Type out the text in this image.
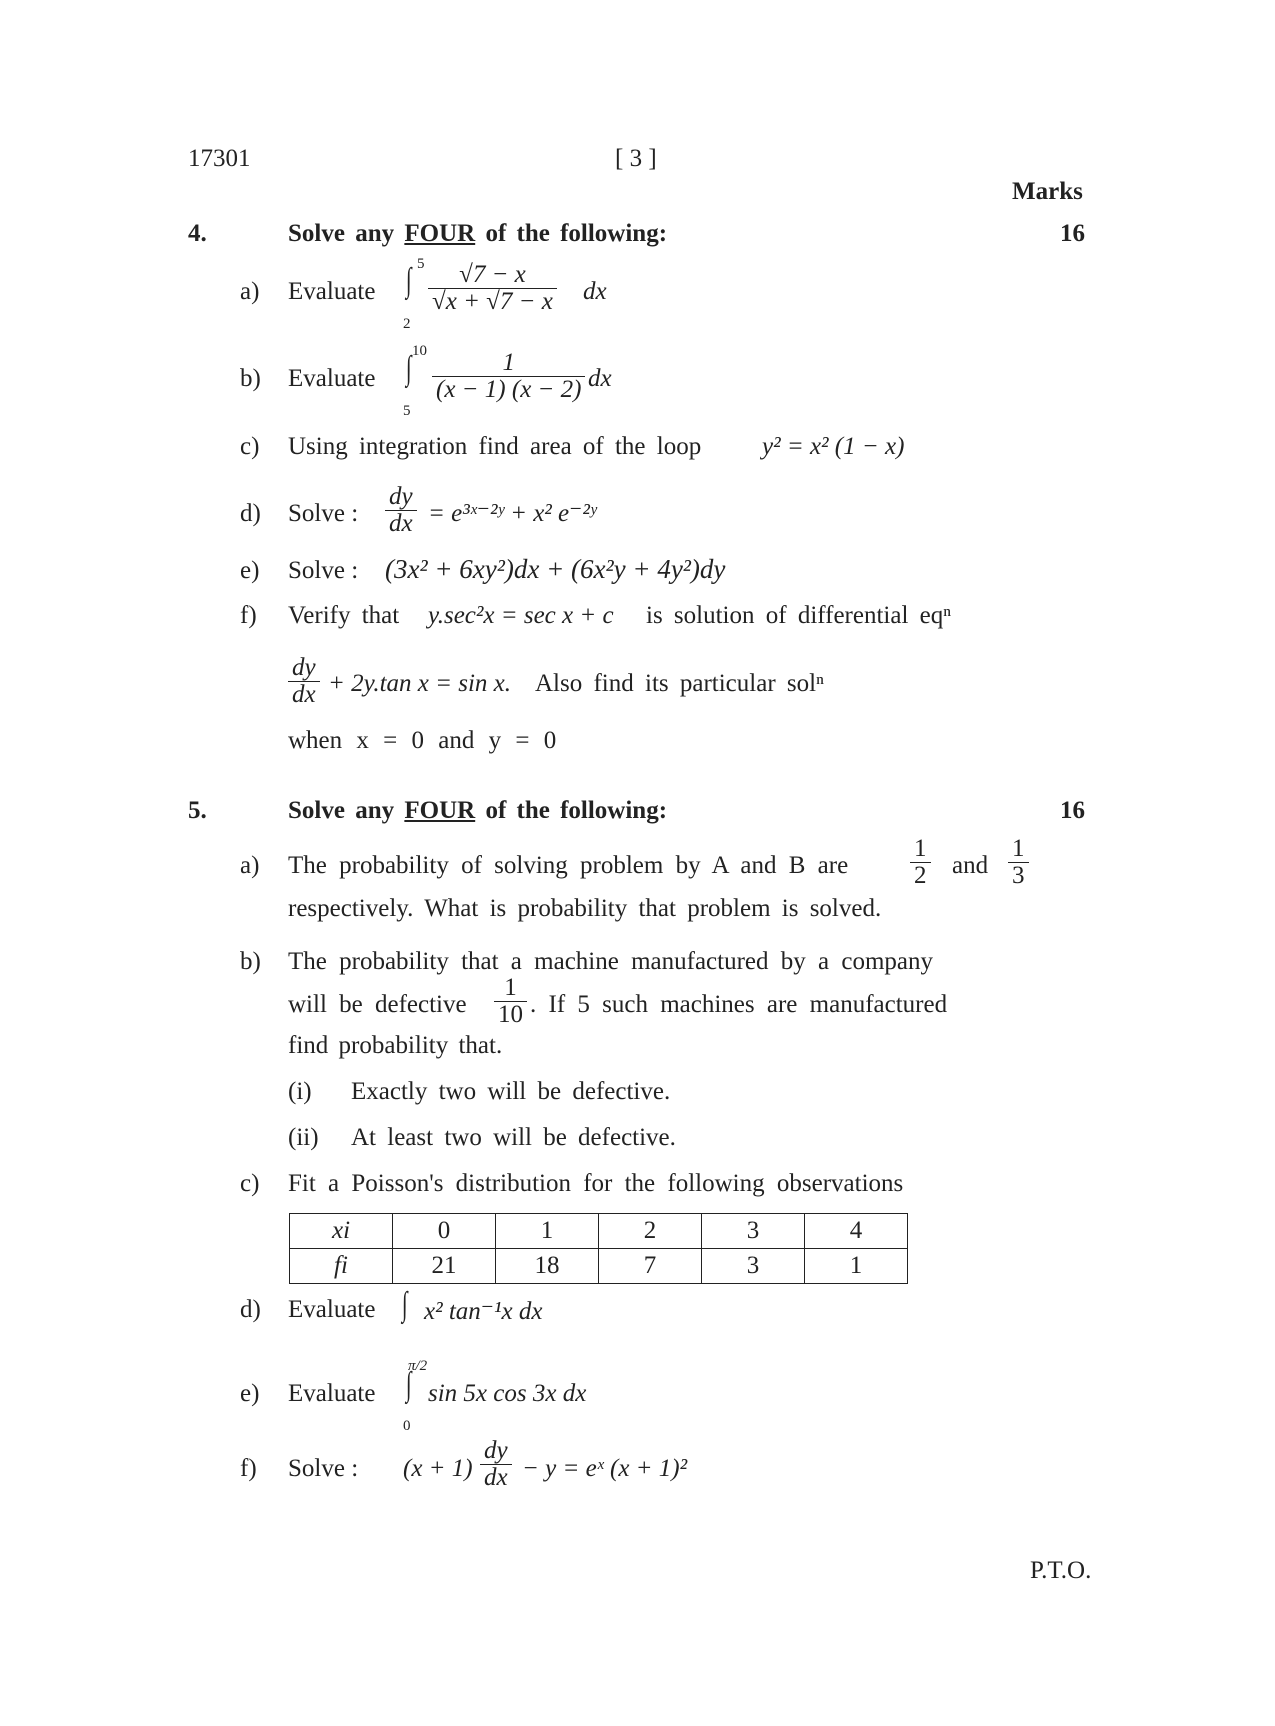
17301	[ 3 ]
Marks
4.	Solve any FOUR of the following:	16
a) Evaluate ∫ 5
2
$\frac{√7 - x}{√x + √7 - x}$ dx
b) Evaluate ∫ 10
5
$\frac{1}{(x - 1) (x - 2)}$ dx
c) Using integration find area of the loop y² = x² (1 − x)
d) Solve : $\frac{dy}{dx}$ = e³ˣ⁻²ʸ + x² e⁻²ʸ
e) Solve : (3x² + 6xy²)dx + (6x²y + 4y²)dy
f) Verify that y.sec²x = sec x + c is solution of differential eqⁿ
$\frac{dy}{dx} + 2y.\tan$ x = sin x. Also find its particular solⁿ
when x = 0 and y = 0
5.	Solve any FOUR of the following:	16
a) The probability of solving problem by A and B are $\frac{1}{2}$ and $\frac{1}{3}$
respectively. What is probability that problem is solved.
b) The probability that a machine manufactured by a company
will be defective $\frac{1}{10}$ . If 5 such machines are manufactured
find probability that.
(i) Exactly two will be defective.
(ii) At least two will be defective.
c) Fit a Poisson's distribution for the following observations
xi	0	1	2	3	4
fi	21	18	7	3	1
d) Evaluate ∫ x² tan⁻¹x dx
e) Evaluate
π/2
∫
0
sin 5x cos 3x dx
f) Solve : $(x + 1) \frac{dy}{dx} - y$ = eˣ (x + 1)²
P.T.O.
